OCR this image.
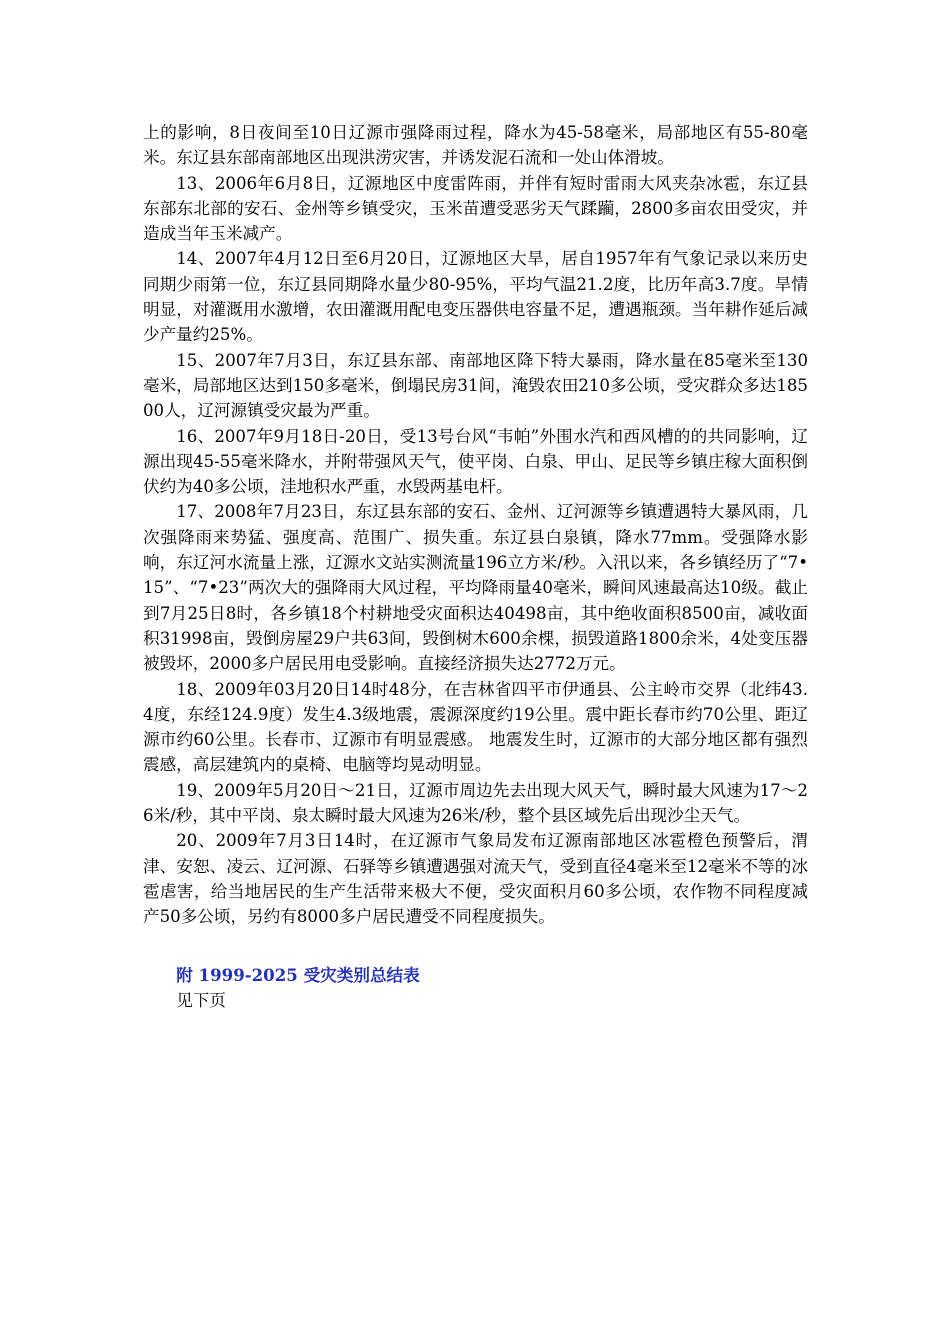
上的影响，8日夜间至10日辽源市强降雨过程，降水为45-58毫米，局部地区有55-80毫米。东辽县东部南部地区出现洪涝灾害，并诱发泥石流和一处山体滑坡。

13、2006年6月8日，辽源地区中度雷阵雨，并伴有短时雷雨大风夹杂冰雹，东辽县东部东北部的安石、金州等乡镇受灾，玉米苗遭受恶劣天气蹂躏，2800多亩农田受灾，并造成当年玉米减产。

14、2007年4月12日至6月20日，辽源地区大旱，居自1957年有气象记录以来历史同期少雨第一位，东辽县同期降水量少80-95%，平均气温21.2度，比历年高3.7度。旱情明显，对灌溉用水激增，农田灌溉用配电变压器供电容量不足，遭遇瓶颈。当年耕作延后减少产量约25%。

15、2007年7月3日，东辽县东部、南部地区降下特大暴雨，降水量在85毫米至130毫米，局部地区达到150多毫米，倒塌民房31间，淹毁农田210多公顷，受灾群众多达18500人，辽河源镇受灾最为严重。

16、2007年9月18日-20日，受13号台风“韦帕”外围水汽和西风槽的的共同影响，辽源出现45-55毫米降水，并附带强风天气，使平岗、白泉、甲山、足民等乡镇庄稼大面积倒伏约为40多公顷，洼地积水严重，水毁两基电杆。

17、2008年7月23日，东辽县东部的安石、金州、辽河源等乡镇遭遇特大暴风雨，几次强降雨来势猛、强度高、范围广、损失重。东辽县白泉镇，降水77mm。受强降水影响，东辽河水流量上涨，辽源水文站实测流量196立方米/秒。入汛以来，各乡镇经历了“7•15”、“7•23”两次大的强降雨大风过程，平均降雨量40毫米，瞬间风速最高达10级。截止到7月25日8时，各乡镇18个村耕地受灾面积达40498亩，其中绝收面积8500亩，减收面积31998亩，毁倒房屋29户共63间，毁倒树木600余棵，损毁道路1800余米，4处变压器被毁坏，2000多户居民用电受影响。直接经济损失达2772万元。

18、2009年03月20日14时48分，在吉林省四平市伊通县、公主岭市交界（北纬43.4度，东经124.9度）发生4.3级地震，震源深度约19公里。震中距长春市约70公里、距辽源市约60公里。长春市、辽源市有明显震感。 地震发生时，辽源市的大部分地区都有强烈震感，高层建筑内的桌椅、电脑等均晃动明显。

19、2009年5月20日～21日，辽源市周边先去出现大风天气，瞬时最大风速为17～26米/秒，其中平岗、泉太瞬时最大风速为26米/秒，整个县区域先后出现沙尘天气。

20、2009年7月3日14时，在辽源市气象局发布辽源南部地区冰雹橙色预警后，渭津、安恕、凌云、辽河源、石驿等乡镇遭遇强对流天气，受到直径4毫米至12毫米不等的冰雹虐害，给当地居民的生产生活带来极大不便，受灾面积月60多公顷，农作物不同程度减产50多公顷，另约有8000多户居民遭受不同程度损失。

附 1999-2025 受灾类别总结表

见下页
